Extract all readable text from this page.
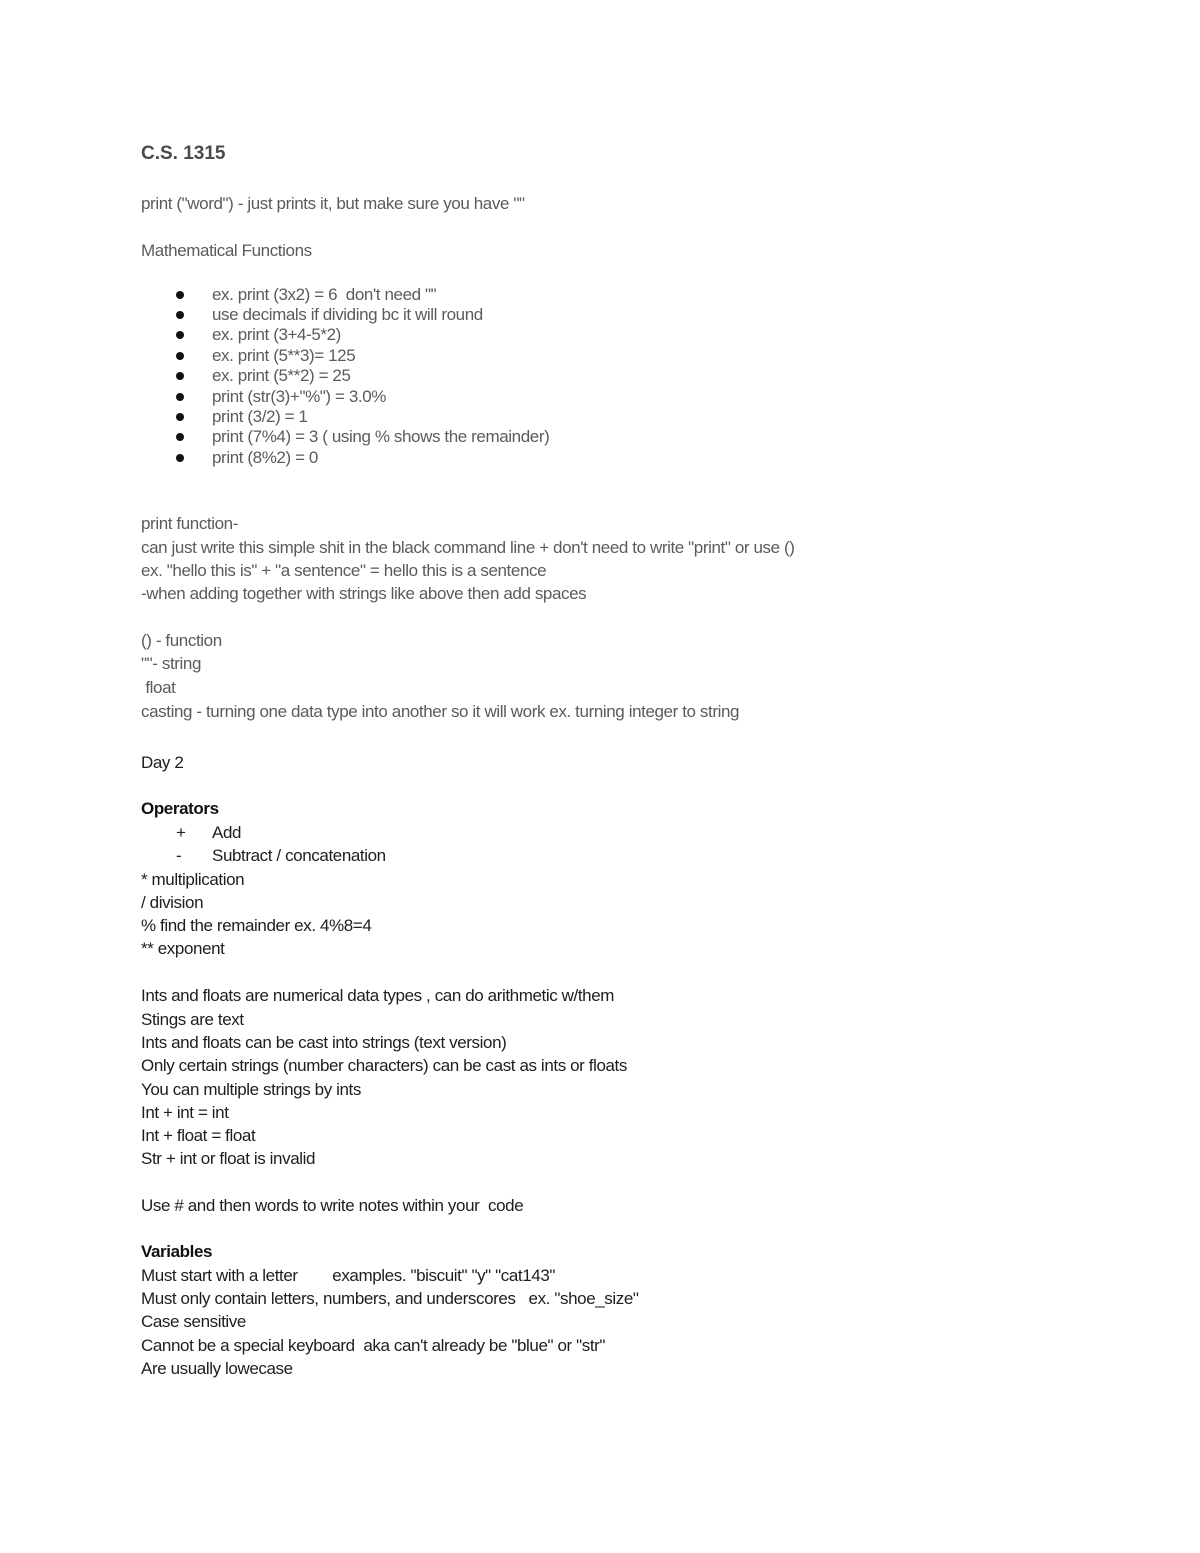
C.S. 1315
print ("word") - just prints it, but make sure you have ""
Mathematical Functions
ex. print (3x2) = 6  don't need ""
use decimals if dividing bc it will round
ex. print (3+4-5*2)
ex. print (5**3)= 125
ex. print (5**2) = 25
print (str(3)+"%") = 3.0%
print (3/2) = 1
print (7%4) = 3 ( using % shows the remainder)
print (8%2) = 0
print function-
can just write this simple shit in the black command line + don't need to write "print" or use ()
ex. "hello this is" + "a sentence" = hello this is a sentence
-when adding together with strings like above then add spaces
() - function
""- string
float
casting - turning one data type into another so it will work ex. turning integer to string
Day 2
Operators
+ Add
- Subtract / concatenation
* multiplication
/ division
% find the remainder ex. 4%8=4
** exponent
Ints and floats are numerical data types , can do arithmetic w/them
Stings are text
Ints and floats can be cast into strings (text version)
Only certain strings (number characters) can be cast as ints or floats
You can multiple strings by ints
Int + int = int
Int + float = float
Str + int or float is invalid
Use # and then words to write notes within your  code
Variables
Must start with a letter        examples. "biscuit" "y" "cat143"
Must only contain letters, numbers, and underscores   ex. "shoe_size"
Case sensitive
Cannot be a special keyboard  aka can't already be "blue" or "str"
Are usually lowecase
